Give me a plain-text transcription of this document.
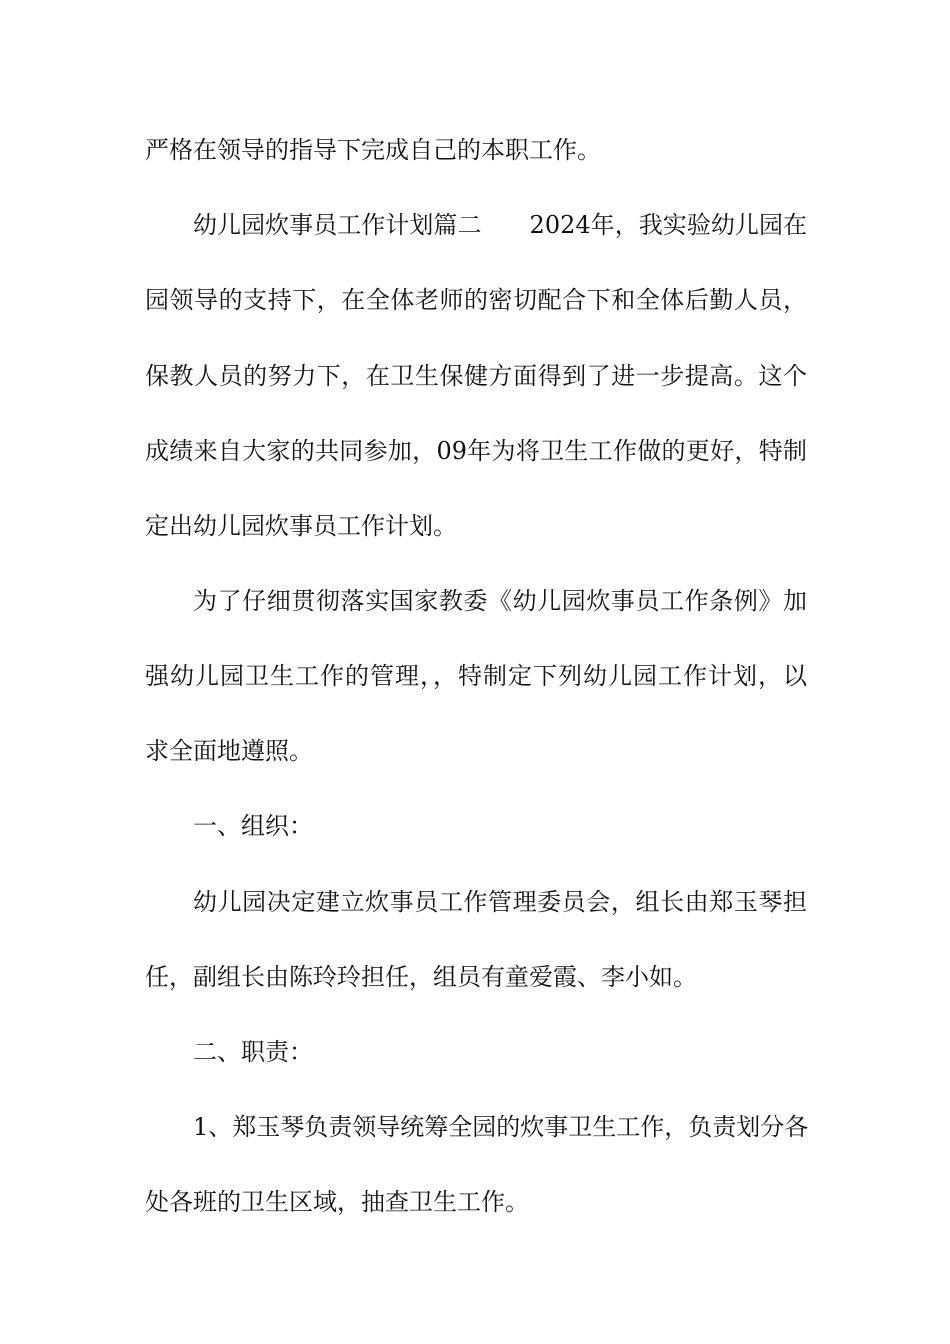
严格在领导的指导下完成自己的本职工作。
幼儿园炊事员工作计划篇二　　2024年，我实验幼儿园在
园领导的支持下，在全体老师的密切配合下和全体后勤人员，
保教人员的努力下，在卫生保健方面得到了进一步提高。这个
成绩来自大家的共同参加，09年为将卫生工作做的更好，特制
定出幼儿园炊事员工作计划。
为了仔细贯彻落实国家教委《幼儿园炊事员工作条例》加
强幼儿园卫生工作的管理，，特制定下列幼儿园工作计划，以
求全面地遵照。
一、组织：
幼儿园决定建立炊事员工作管理委员会，组长由郑玉琴担
任，副组长由陈玲玲担任，组员有童爱霞、李小如。
二、职责：
1、郑玉琴负责领导统筹全园的炊事卫生工作，负责划分各
处各班的卫生区域，抽查卫生工作。
